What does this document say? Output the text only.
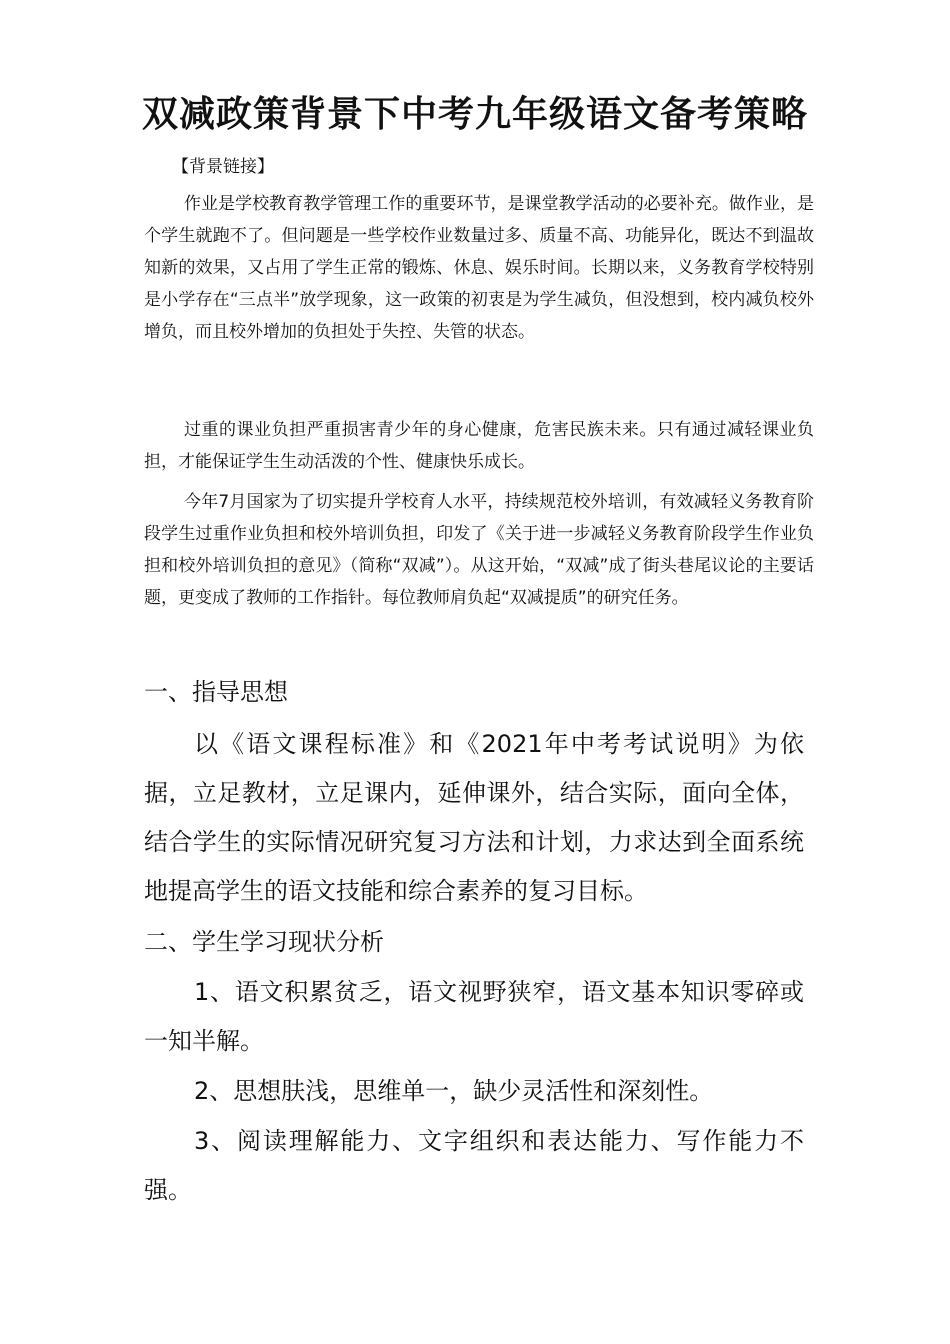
双减政策背景下中考九年级语文备考策略
【背景链接】

作业是学校教育教学管理工作的重要环节，是课堂教学活动的必要补充。做作业，是个学生就跑不了。但问题是一些学校作业数量过多、质量不高、功能异化，既达不到温故知新的效果，又占用了学生正常的锻炼、休息、娱乐时间。长期以来，义务教育学校特别是小学存在“三点半”放学现象，这一政策的初衷是为学生减负，但没想到，校内减负校外增负，而且校外增加的负担处于失控、失管的状态。

过重的课业负担严重损害青少年的身心健康，危害民族未来。只有通过减轻课业负担，才能保证学生生动活泼的个性、健康快乐成长。

今年7月国家为了切实提升学校育人水平，持续规范校外培训，有效减轻义务教育阶段学生过重作业负担和校外培训负担，印发了《关于进一步减轻义务教育阶段学生作业负担和校外培训负担的意见》（简称“双减”）。从这开始，“双减”成了街头巷尾议论的主要话题，更变成了教师的工作指针。每位教师肩负起“双减提质”的研究任务。

一、指导思想

以《语文课程标准》和《2021年中考考试说明》为依据，立足教材，立足课内，延伸课外，结合实际，面向全体，结合学生的实际情况研究复习方法和计划，力求达到全面系统地提高学生的语文技能和综合素养的复习目标。

二、学生学习现状分析

1、语文积累贫乏，语文视野狭窄，语文基本知识零碎或一知半解。

2、思想肤浅，思维单一，缺少灵活性和深刻性。

3、阅读理解能力、文字组织和表达能力、写作能力不强。
